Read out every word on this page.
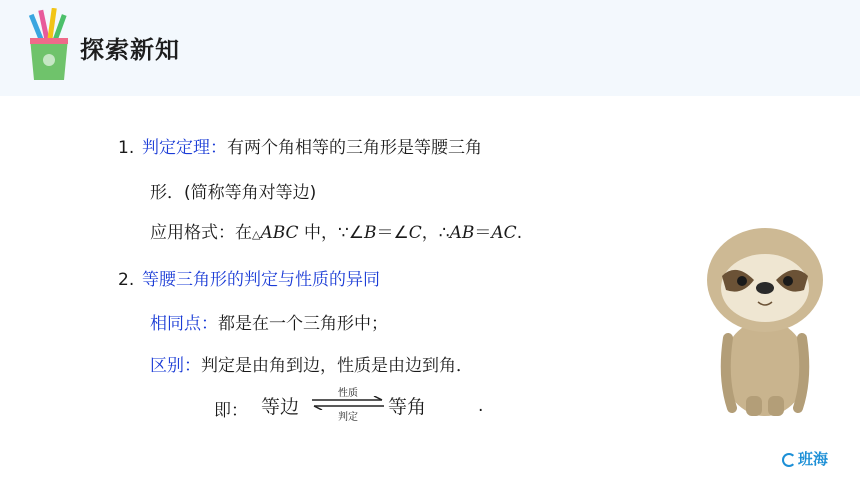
探索新知
1. 判定定理：有两个角相等的三角形是等腰三角
形．(简称等角对等边)
应用格式：在△ABC 中，∵∠B＝∠C，∴AB＝AC.
2. 等腰三角形的判定与性质的异同
相同点：都是在一个三角形中；
区别：判定是由角到边，性质是由边到角．
即： 等边
性质
判定	等角	.
班海
